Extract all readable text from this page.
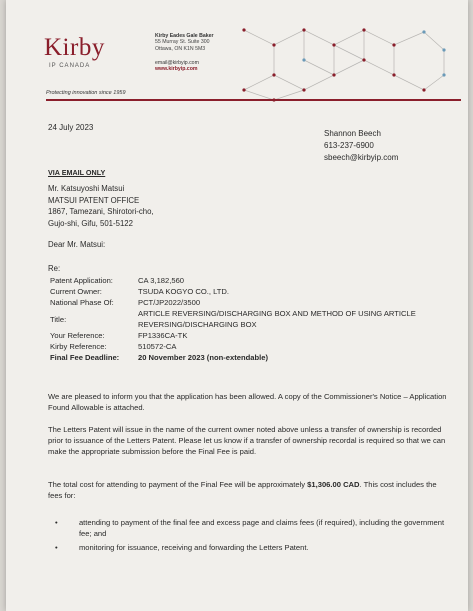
Kirby
IP CANADA
Kirby Eades Gale Baker
55 Murray St. Suite 300
Ottawa, ON K1N 5M3
email@kirbyip.com
www.kirbyip.com
Protecting innovation since 1959
24 July 2023
Shannon Beech
613-237-6900
sbeech@kirbyip.com
VIA EMAIL ONLY
Mr. Katsuyoshi Matsui
MATSUI PATENT OFFICE
1867, Tamezani, Shirotori-cho,
Gujo-shi, Gifu, 501-5122
Dear Mr. Matsui:
Re:
Patent Application:	CA 3,182,560
Current Owner:	TSUDA KOGYO CO., LTD.
National Phase Of:	PCT/JP2022/3500
Title:
ARTICLE REVERSING/DISCHARGING BOX AND METHOD OF USING ARTICLE REVERSING/DISCHARGING BOX
Your Reference:	FP1336CA-TK
Kirby Reference:	510572-CA
Final Fee Deadline:	20 November 2023 (non-extendable)
We are pleased to inform you that the application has been allowed. A copy of the Commissioner's Notice – Application Found Allowable is attached.
The Letters Patent will issue in the name of the current owner noted above unless a transfer of ownership is recorded prior to issuance of the Letters Patent. Please let us know if a transfer of ownership recordal is required so that we can make the appropriate submission before the Final Fee is paid.
The total cost for attending to payment of the Final Fee will be approximately $1,306.00 CAD. This cost includes the fees for:
•	attending to payment of the final fee and excess page and claims fees (if required), including the government fee; and
•	monitoring for issuance, receiving and forwarding the Letters Patent.
